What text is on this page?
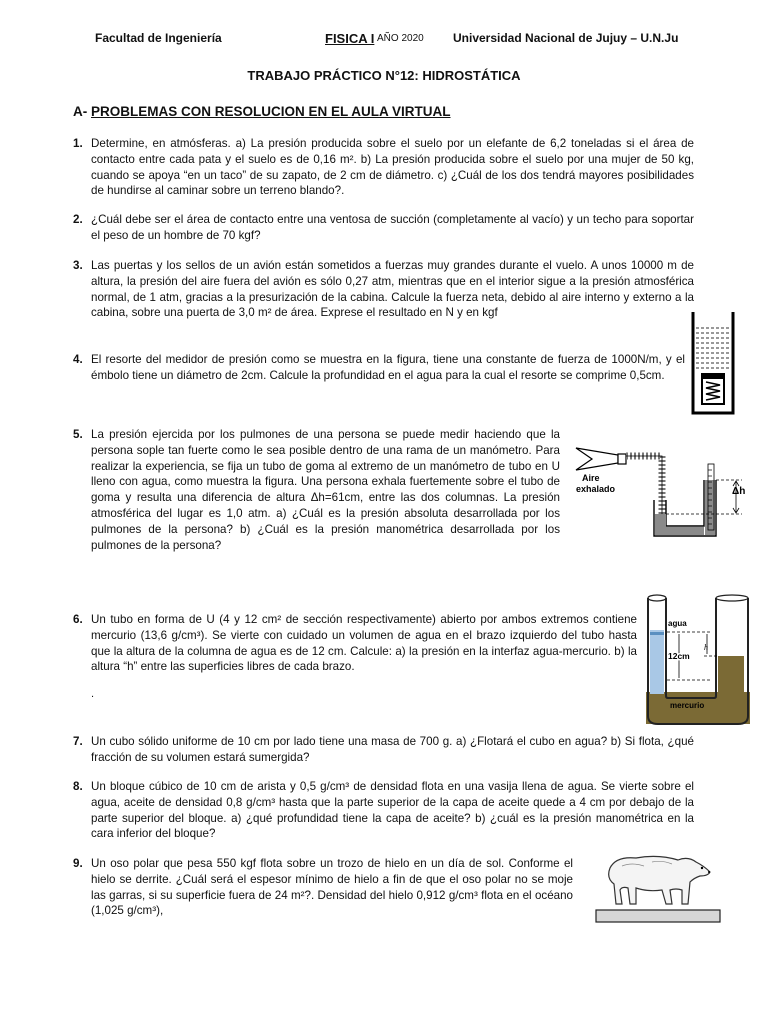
Facultad de Ingeniería	FISICA I AÑO 2020 Universidad Nacional de Jujuy – U.N.Ju
TRABAJO PRÁCTICO N°12: HIDROSTÁTICA
A- PROBLEMAS CON RESOLUCION EN EL AULA VIRTUAL
1. Determine, en atmósferas. a) La presión producida sobre el suelo por un elefante de 6,2 toneladas si el área de contacto entre cada pata y el suelo es de 0,16 m². b) La presión producida sobre el suelo por una mujer de 50 kg, cuando se apoya “en un taco” de su zapato, de 2 cm de diámetro. c) ¿Cuál de los dos tendrá mayores posibilidades de hundirse al caminar sobre un terreno blando?.
2. ¿Cuál debe ser el área de contacto entre una ventosa de succión (completamente al vacío) y un techo para soportar el peso de un hombre de 70 kgf?
3. Las puertas y los sellos de un avión están sometidos a fuerzas muy grandes durante el vuelo. A unos 10000 m de altura, la presión del aire fuera del avión es sólo 0,27 atm, mientras que en el interior sigue a la presión atmosférica normal, de 1 atm, gracias a la presurización de la cabina. Calcule la fuerza neta, debido al aire interno y externo a la cabina, sobre una puerta de 3,0 m² de área. Exprese el resultado en N y en kgf
4. El resorte del medidor de presión como se muestra en la figura, tiene una constante de fuerza de 1000N/m, y el émbolo tiene un diámetro de 2cm. Calcule la profundidad en el agua para la cual el resorte se comprime 0,5cm.
5. La presión ejercida por los pulmones de una persona se puede medir haciendo que la persona sople tan fuerte como le sea posible dentro de una rama de un manómetro. Para realizar la experiencia, se fija un tubo de goma al extremo de un manómetro de tubo en U lleno con agua, como muestra la figura. Una persona exhala fuertemente sobre el tubo de goma y resulta una diferencia de altura Δh=61cm, entre las dos columnas. La presión atmosférica del lugar es 1,0 atm. a) ¿Cuál es la presión absoluta desarrollada por los pulmones de la persona? b) ¿Cuál es la presión manométrica desarrollada por los pulmones de la persona?
Aire
exhalado	Δh
6. Un tubo en forma de U (4 y 12 cm² de sección respectivamente) abierto por ambos extremos contiene mercurio (13,6 g/cm³). Se vierte con cuidado un volumen de agua en el brazo izquierdo del tubo hasta que la altura de la columna de agua es de 12 cm. Calcule: a) la presión en la interfaz agua-mercurio. b) la altura “h” entre las superficies libres de cada brazo.
.
agua
12cm
h
mercurio
7. Un cubo sólido uniforme de 10 cm por lado tiene una masa de 700 g. a) ¿Flotará el cubo en agua? b) Si flota, ¿qué fracción de su volumen estará sumergida?
8. Un bloque cúbico de 10 cm de arista y 0,5 g/cm³ de densidad flota en una vasija llena de agua. Se vierte sobre el agua, aceite de densidad 0,8 g/cm³ hasta que la parte superior de la capa de aceite quede a 4 cm por debajo de la parte superior del bloque. a) ¿qué profundidad tiene la capa de aceite? b) ¿cuál es la presión manométrica en la cara inferior del bloque?
9. Un oso polar que pesa 550 kgf flota sobre un trozo de hielo en un día de sol. Conforme el hielo se derrite. ¿Cuál será el espesor mínimo de hielo a fin de que el oso polar no se moje las garras, si su superficie fuera de 24 m²?. Densidad del hielo 0,912 g/cm³ flota en el océano (1,025 g/cm³),
